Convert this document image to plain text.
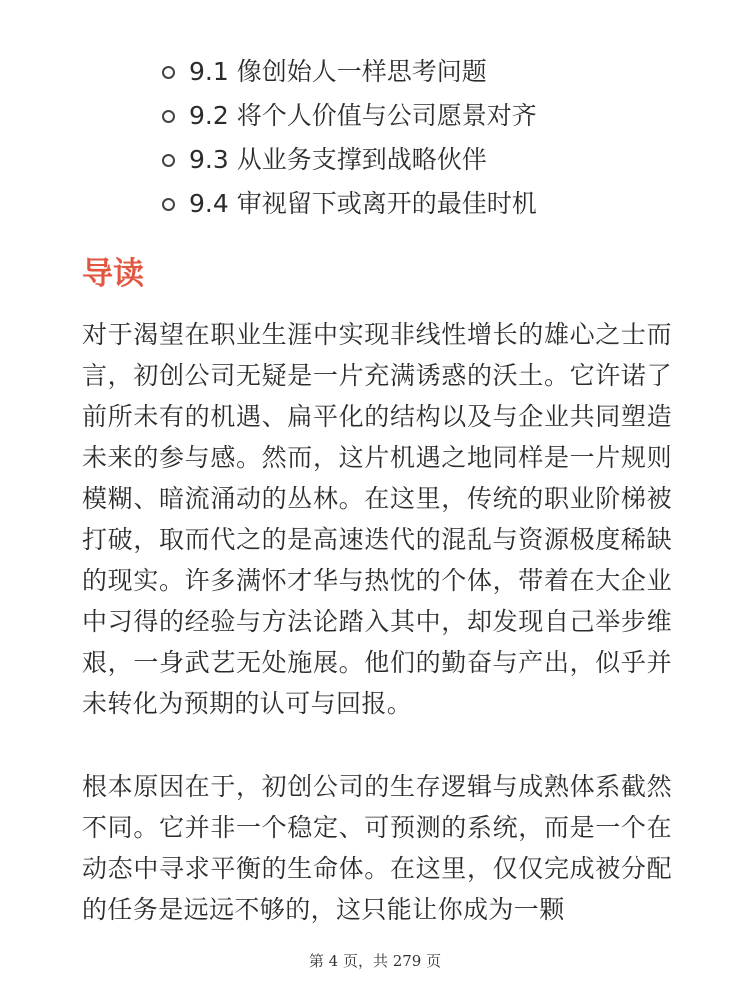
9.1 像创始人一样思考问题
9.2 将个人价值与公司愿景对齐
9.3 从业务支撑到战略伙伴
9.4 审视留下或离开的最佳时机
导读

对于渴望在职业生涯中实现非线性增长的雄心之士而言，初创公司无疑是一片充满诱惑的沃土。它许诺了前所未有的机遇、扁平化的结构以及与企业共同塑造未来的参与感。然而，这片机遇之地同样是一片规则模糊、暗流涌动的丛林。在这里，传统的职业阶梯被打破，取而代之的是高速迭代的混乱与资源极度稀缺的现实。许多满怀才华与热忱的个体，带着在大企业中习得的经验与方法论踏入其中，却发现自己举步维艰，一身武艺无处施展。他们的勤奋与产出，似乎并未转化为预期的认可与回报。

根本原因在于，初创公司的生存逻辑与成熟体系截然不同。它并非一个稳定、可预测的系统，而是一个在动态中寻求平衡的生命体。在这里，仅仅完成被分配的任务是远远不够的，这只能让你成为一颗

第 4 页，共 279 页
